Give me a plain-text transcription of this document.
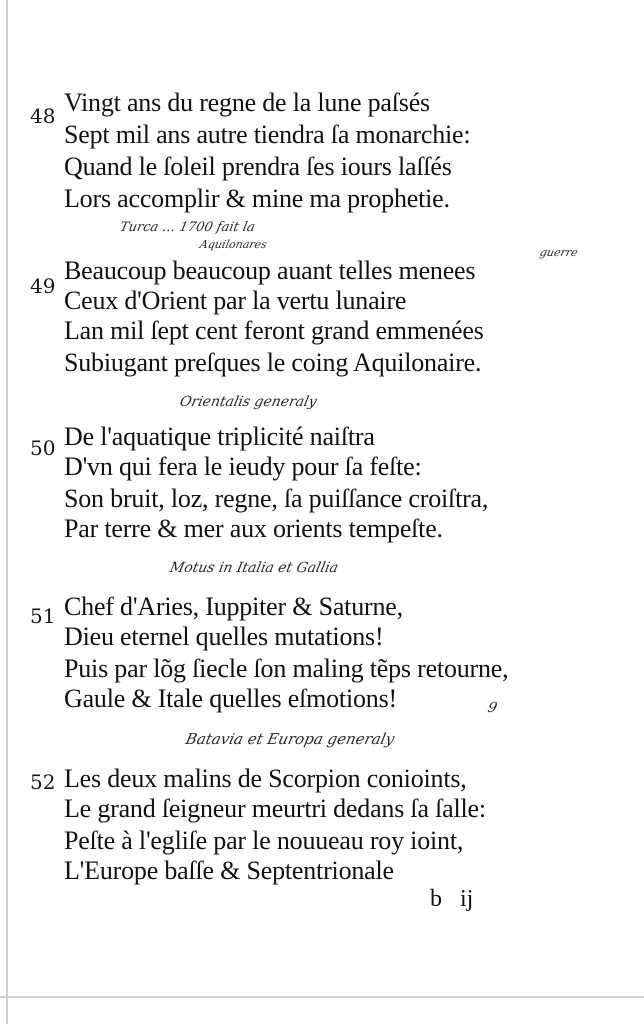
48 Vingt ans du regne de la lune paſsés
Sept mil ans autre tiendra ſa monarchie:
Quand le ſoleil prendra ſes iours laſſés
Lors accomplir & mine ma prophetie.
Turca … 1700 fait la
Aquilonares
guerre
49
Beaucoup beaucoup auant telles menees
Ceux d'Orient par la vertu lunaire
Lan mil ſept cent feront grand emmenées
Subiugant preſques le coing Aquilonaire.
Orientalis generaly
50 De l'aquatique triplicité naiſtra
D'vn qui fera le ieudy pour ſa feſte:
Son bruit, loz, regne, ſa puiſſance croiſtra,
Par terre & mer aux orients tempeſte.
Motus in Italia et Gallia
51 Chef d'Aries, Iuppiter & Saturne,
Dieu eternel quelles mutations!
Puis par lõg ſiecle ſon maling tẽps retourne,
Gaule & Itale quelles eſmotions!	9
Batavia et Europa generaly
52 Les deux malins de Scorpion conioints,
Le grand ſeigneur meurtri dedans ſa ſalle:
Peſte à l'egliſe par le nouueau roy ioint,
L'Europe baſſe & Septentrionale
b ij
